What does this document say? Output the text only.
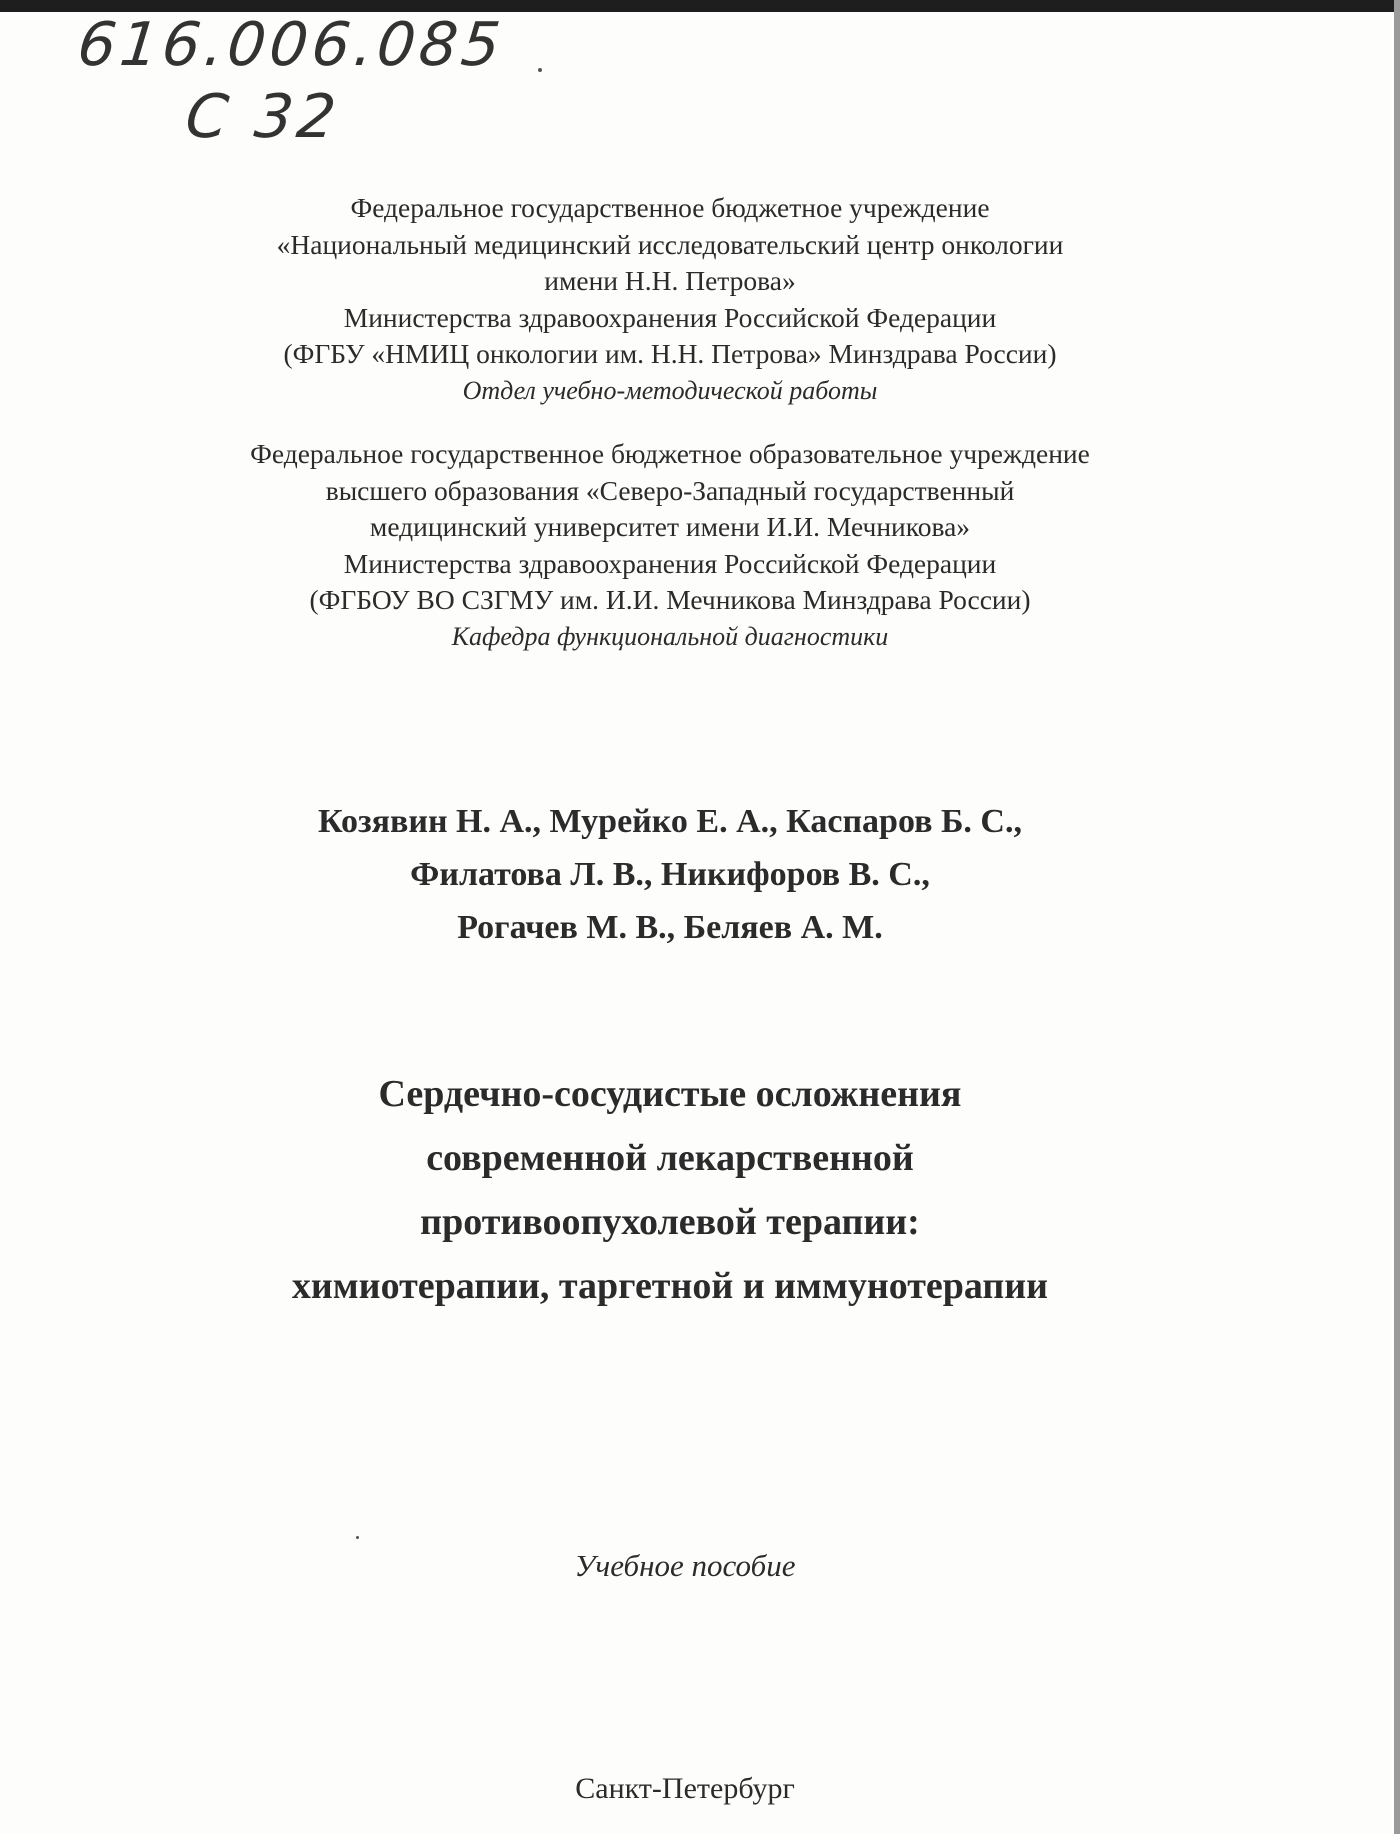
616.006.085
С 32
Федеральное государственное бюджетное учреждение
«Национальный медицинский исследовательский центр онкологии
имени Н.Н. Петрова»
Министерства здравоохранения Российской Федерации
(ФГБУ «НМИЦ онкологии им. Н.Н. Петрова» Минздрава России)
Отдел учебно-методической работы
Федеральное государственное бюджетное образовательное учреждение
высшего образования «Северо-Западный государственный
медицинский университет имени И.И. Мечникова»
Министерства здравоохранения Российской Федерации
(ФГБОУ ВО СЗГМУ им. И.И. Мечникова Минздрава России)
Кафедра функциональной диагностики
Козявин Н. А., Мурейко Е. А., Каспаров Б. С.,
Филатова Л. В., Никифоров В. С.,
Рогачев М. В., Беляев А. М.
Сердечно-сосудистые осложнения
современной лекарственной
противоопухолевой терапии:
химиотерапии, таргетной и иммунотерапии
Учебное пособие
Санкт-Петербург
